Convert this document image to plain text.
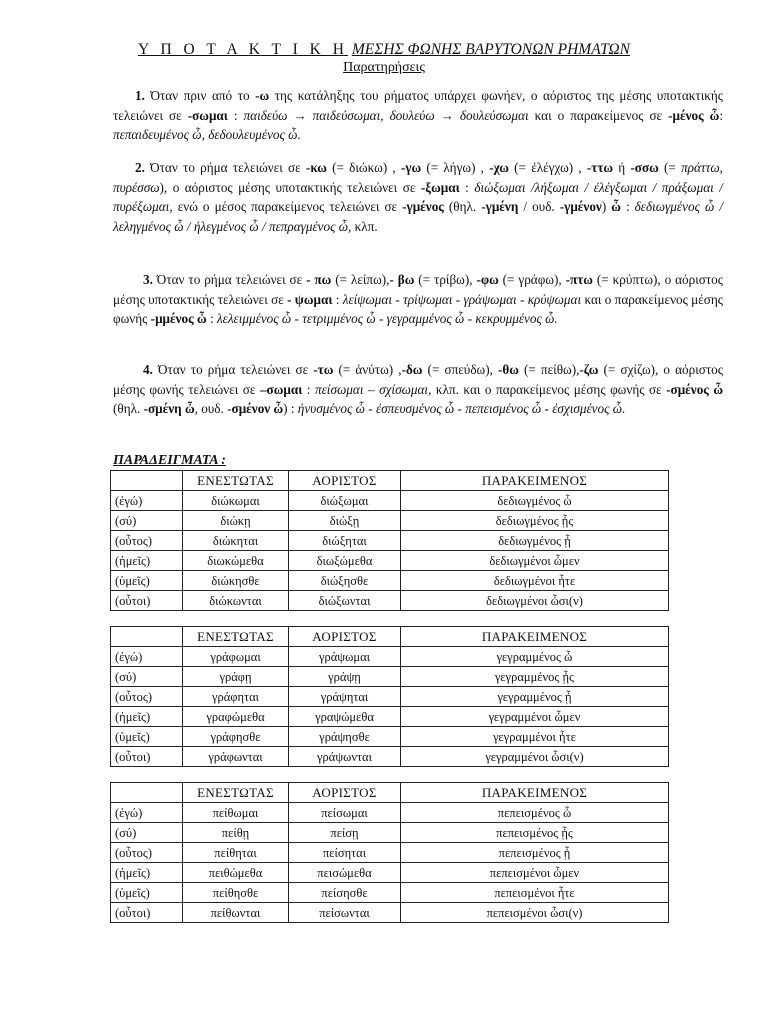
Υ Π Ο Τ Α Κ Τ Ι Κ Η ΜΕΣΗΣ ΦΩΝΗΣ ΒΑΡΥΤΟΝΩΝ ΡΗΜΑΤΩΝ
Παρατηρήσεις

1. Όταν πριν από το -ω της κατάληξης του ρήματος υπάρχει φωνήεν, ο αόριστος της μέσης υποτακτικής τελειώνει σε -σωμαι : παιδεύω → παιδεύσωμαι, δουλεύω → δουλεύσωμαι και ο παρακείμενος σε -μένος ὦ: πεπαιδευμένος ὦ, δεδουλευμένος ὦ.

2. Όταν το ρήμα τελειώνει σε -κω (= διώκω) , -γω (= λήγω) , -χω (= ἐλέγχω) , -ττω ή -σσω (= πράττω, πυρέσσω), ο αόριστος μέσης υποτακτικής τελειώνει σε -ξωμαι : διώξωμαι /λήξωμαι / ἐλέγξωμαι / πράξωμαι /πυρέξωμαι, ενώ ο μέσος παρακείμενος τελειώνει σε -γμένος (θηλ. -γμένη / ουδ. -γμένον) ὦ : δεδιωγμένος ὦ / λεληγμένος ὦ / ἠλεγμένος ὦ / πεπραγμένος ὦ, κλπ.

3. Όταν το ρήμα τελειώνει σε - πω (= λείπω),- βω (= τρίβω), -φω (= γράφω), -πτω (= κρύπτω), ο αόριστος μέσης υποτακτικής τελειώνει σε - ψωμαι : λείψωμαι - τρίψωμαι - γράψωμαι - κρύψωμαι και ο παρακείμενος μέσης φωνής -μμένος ὦ : λελειμμένος ὦ - τετριμμένος ὦ - γεγραμμένος ὦ - κεκρυμμένος ὦ.

4. Όταν το ρήμα τελειώνει σε -τω (= ἀνύτω) ,-δω (= σπεύδω), -θω (= πείθω),-ζω (= σχίζω), ο αόριστος μέσης φωνής τελειώνει σε –σωμαι : πείσωμαι – σχίσωμαι, κλπ. και ο παρακείμενος μέσης φωνής σε -σμένος ὦ (θηλ. -σμένη ὦ, ουδ. -σμένον ὦ) : ἠνυσμένος ὦ - ἐσπευσμένος ὦ - πεπεισμένος ὦ - ἐσχισμένος ὦ.

ΠΑΡΑΔΕΙΓΜΑΤΑ :
	ΕΝΕΣΤΩΤΑΣ	ΑΟΡΙΣΤΟΣ	ΠΑΡΑΚΕΙΜΕΝΟΣ
(ἐγώ)	διώκωμαι	διώξωμαι	δεδιωγμένος ὦ
(σύ)	διώκῃ	διώξῃ	δεδιωγμένος ᾖς
(οὗτος)	διώκηται	διώξηται	δεδιωγμένος ᾖ
(ἡμεῖς)	διωκώμεθα	διωξώμεθα	δεδιωγμένοι ὦμεν
(ὑμεῖς)	διώκησθε	διώξησθε	δεδιωγμένοι ἦτε
(οὗτοι)	διώκωνται	διώξωνται	δεδιωγμένοι ὦσι(ν)
	ΕΝΕΣΤΩΤΑΣ	ΑΟΡΙΣΤΟΣ	ΠΑΡΑΚΕΙΜΕΝΟΣ
(ἐγώ)	γράφωμαι	γράψωμαι	γεγραμμένος ὦ
(σύ)	γράφῃ	γράψῃ	γεγραμμένος ᾖς
(οὗτος)	γράφηται	γράψηται	γεγραμμένος ᾖ
(ἡμεῖς)	γραφώμεθα	γραψώμεθα	γεγραμμένοι ὦμεν
(ὑμεῖς)	γράφησθε	γράψησθε	γεγραμμένοι ἦτε
(οὗτοι)	γράφωνται	γράψωνται	γεγραμμένοι ὦσι(ν)
	ΕΝΕΣΤΩΤΑΣ	ΑΟΡΙΣΤΟΣ	ΠΑΡΑΚΕΙΜΕΝΟΣ
(ἐγώ)	πείθωμαι	πείσωμαι	πεπεισμένος ὦ
(σύ)	πείθῃ	πείσῃ	πεπεισμένος ᾖς
(οὗτος)	πείθηται	πείσηται	πεπεισμένος ᾖ
(ἡμεῖς)	πειθώμεθα	πεισώμεθα	πεπεισμένοι ὦμεν
(ὑμεῖς)	πείθησθε	πείσησθε	πεπεισμένοι ἦτε
(οὗτοι)	πείθωνται	πείσωνται	πεπεισμένοι ὦσι(ν)
